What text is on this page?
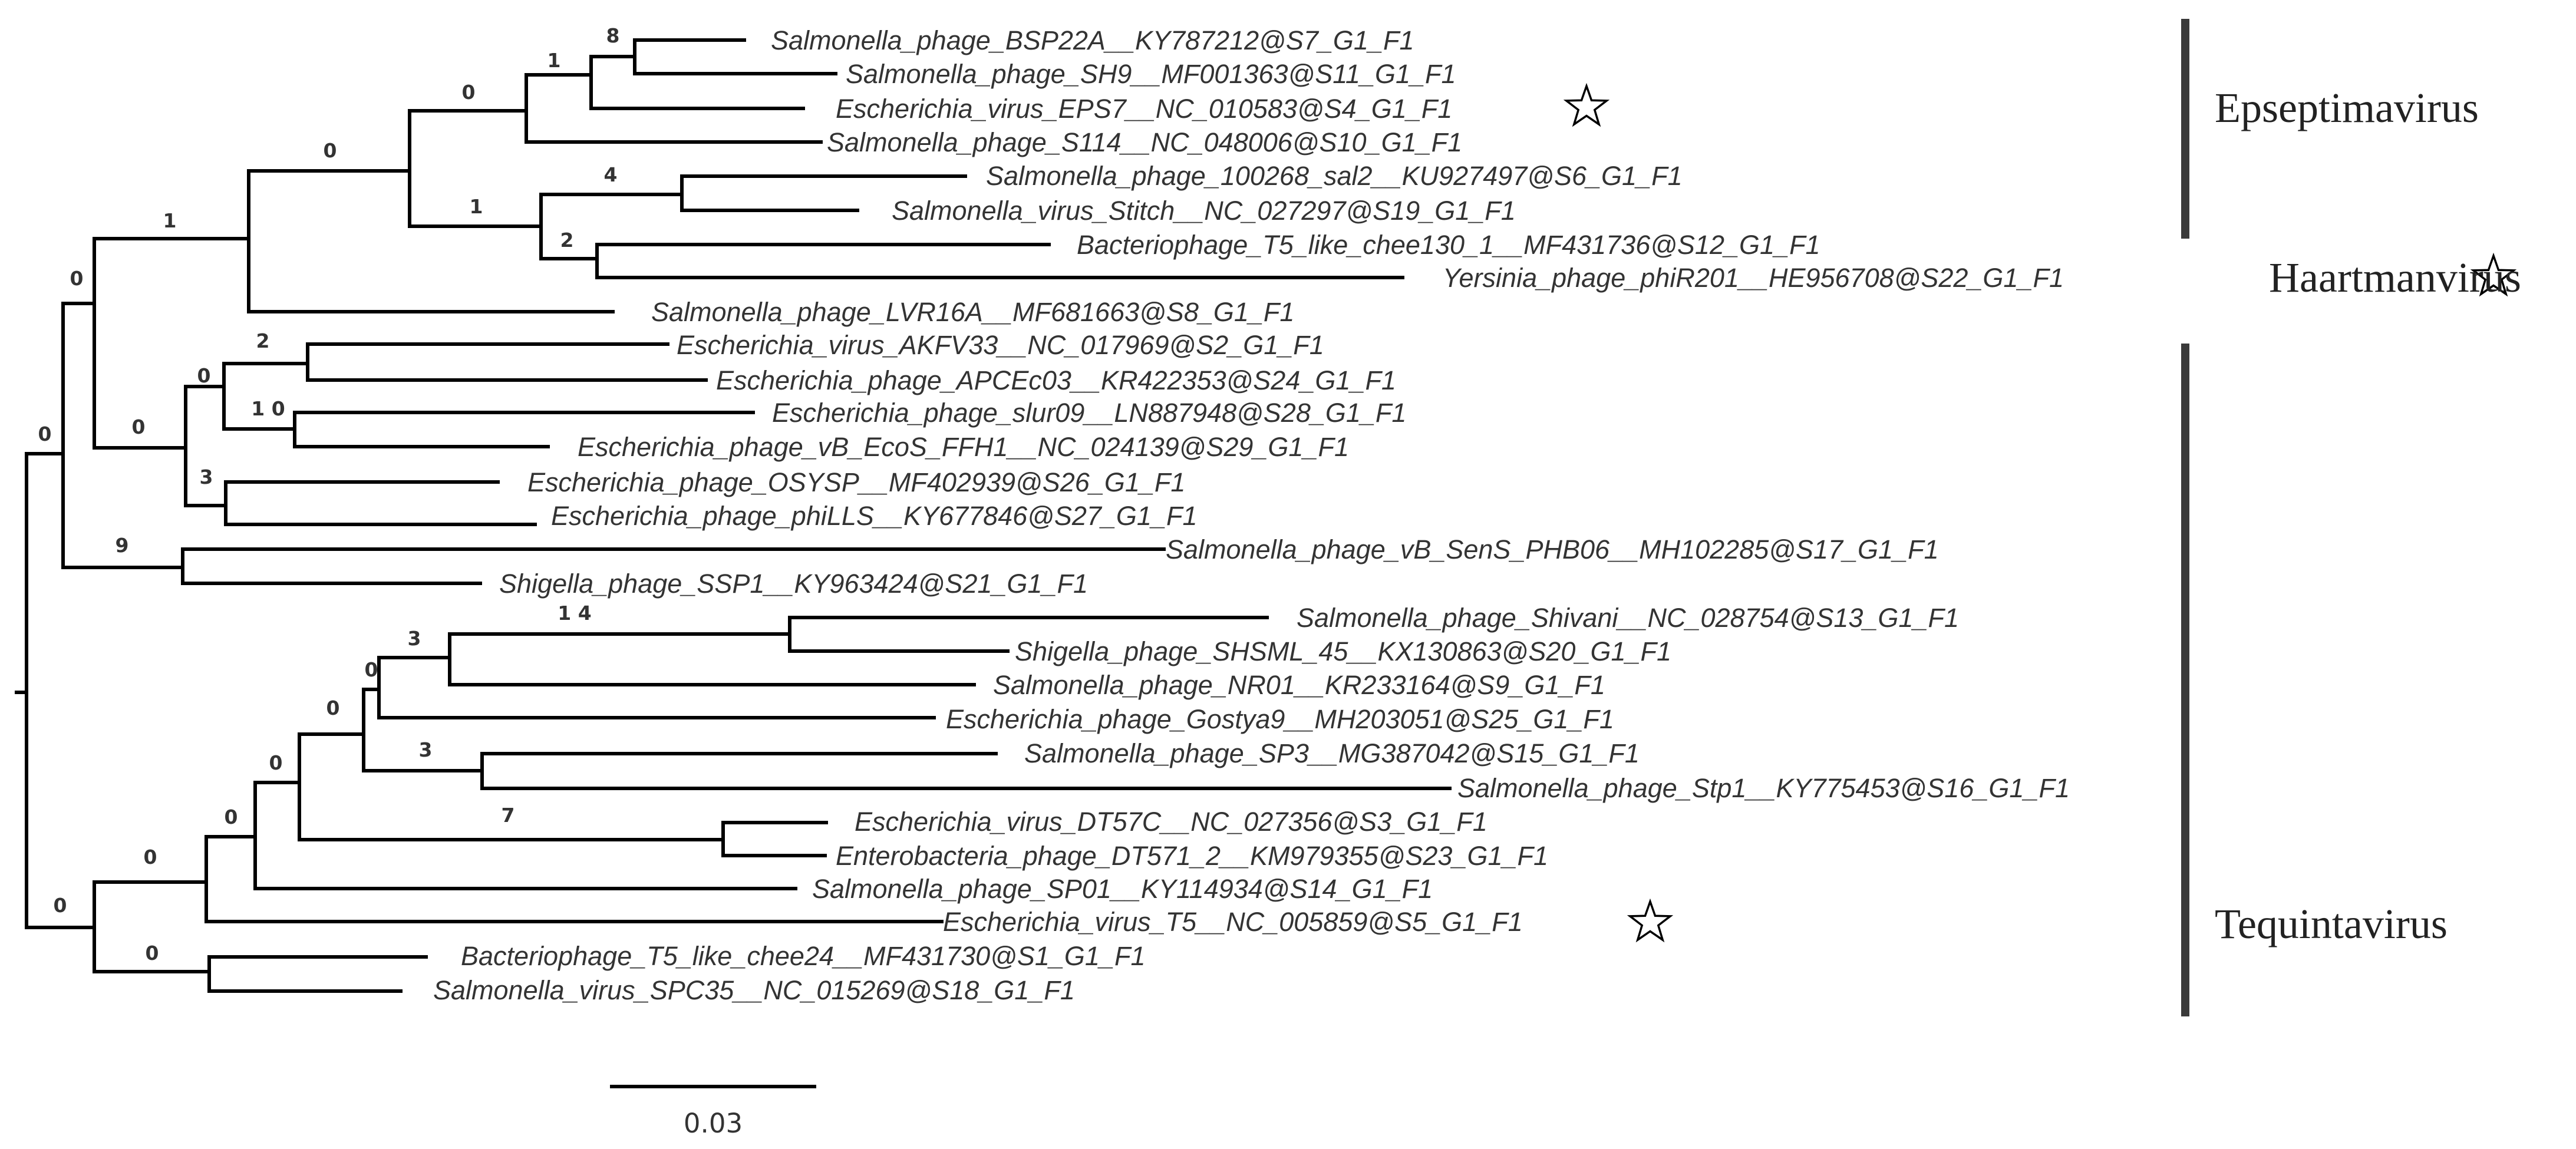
8
1
0
0
4
1
2
1
0
2
0
1 0
3
0
9
0
1 4
3
0
0
3
0
0	7
0
0
0
Salmonella_phage_BSP22A__KY787212@S7_G1_F1
Salmonella_phage_SH9__MF001363@S11_G1_F1
Escherichia_virus_EPS7__NC_010583@S4_G1_F1
Salmonella_phage_S114__NC_048006@S10_G1_F1
Salmonella_phage_100268_sal2__KU927497@S6_G1_F1
Salmonella_virus_Stitch__NC_027297@S19_G1_F1
Bacteriophage_T5_like_chee130_1__MF431736@S12_G1_F1
Yersinia_phage_phiR201__HE956708@S22_G1_F1
Salmonella_phage_LVR16A__MF681663@S8_G1_F1
Escherichia_virus_AKFV33__NC_017969@S2_G1_F1
Escherichia_phage_APCEc03__KR422353@S24_G1_F1
Escherichia_phage_slur09__LN887948@S28_G1_F1
Escherichia_phage_vB_EcoS_FFH1__NC_024139@S29_G1_F1
Escherichia_phage_OSYSP__MF402939@S26_G1_F1
Escherichia_phage_phiLLS__KY677846@S27_G1_F1
Salmonella_phage_vB_SenS_PHB06__MH102285@S17_G1_F1
Shigella_phage_SSP1__KY963424@S21_G1_F1
Salmonella_phage_Shivani__NC_028754@S13_G1_F1
Shigella_phage_SHSML_45__KX130863@S20_G1_F1
Salmonella_phage_NR01__KR233164@S9_G1_F1
Escherichia_phage_Gostya9__MH203051@S25_G1_F1
Salmonella_phage_SP3__MG387042@S15_G1_F1
Salmonella_phage_Stp1__KY775453@S16_G1_F1
Escherichia_virus_DT57C__NC_027356@S3_G1_F1
Enterobacteria_phage_DT571_2__KM979355@S23_G1_F1
Salmonella_phage_SP01__KY114934@S14_G1_F1
Escherichia_virus_T5__NC_005859@S5_G1_F1
Bacteriophage_T5_like_chee24__MF431730@S1_G1_F1
Salmonella_virus_SPC35__NC_015269@S18_G1_F1
Epseptimavirus
Haartmanvirus
Tequintavirus
0.03
